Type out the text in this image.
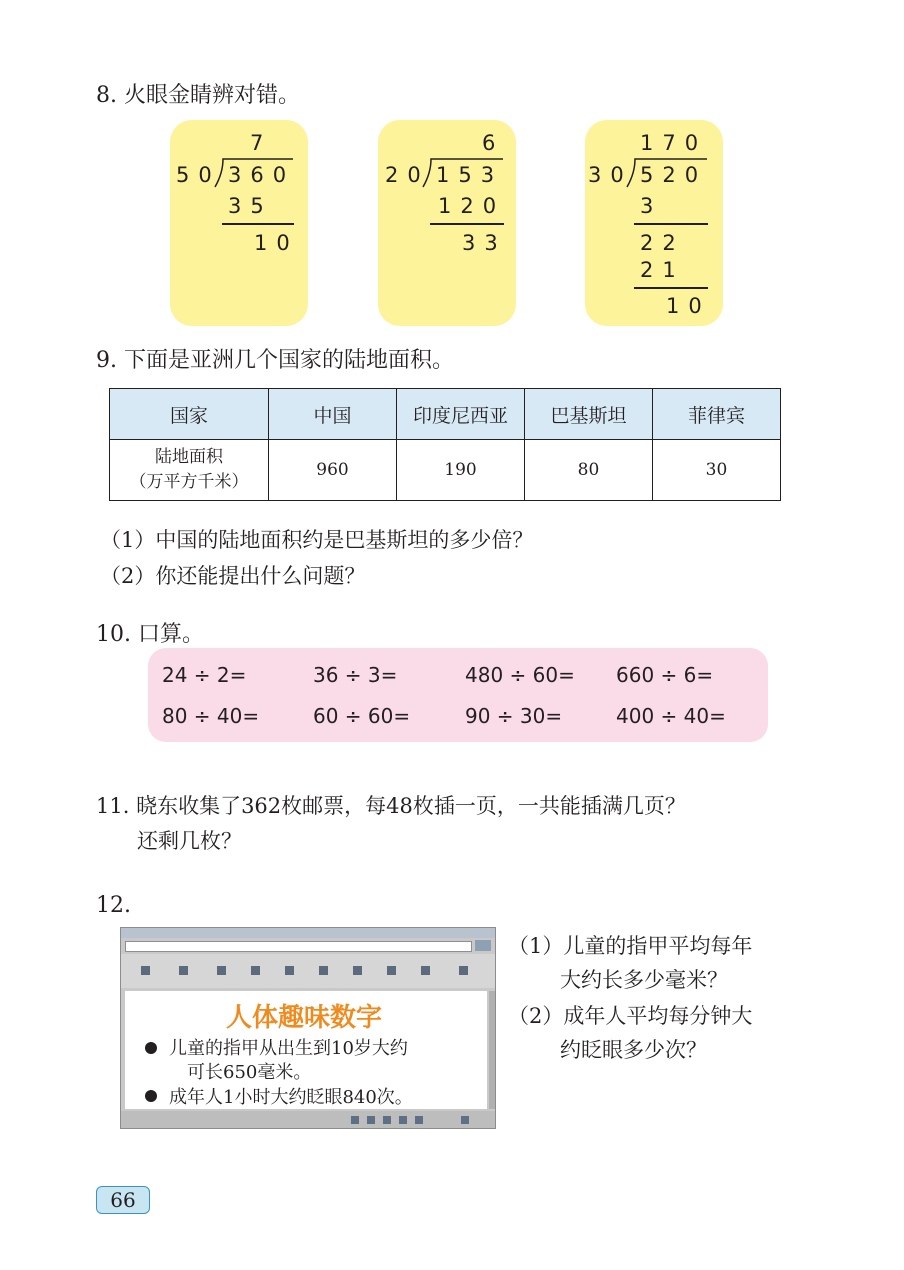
8. 火眼金睛辨对错。
7
50 360
35
10
6
20 153
120
33
170
30 520
3
22
21
10
9. 下面是亚洲几个国家的陆地面积。
国家	中国	印度尼西亚	巴基斯坦	菲律宾

陆地面积
（万平方千米）	960	190	80	30
（1）中国的陆地面积约是巴基斯坦的多少倍？
（2）你还能提出什么问题？
10. 口算。
24 ÷ 2=	36 ÷ 3=	480 ÷ 60= 660 ÷ 6=
80 ÷ 40=	60 ÷ 60=	90 ÷ 30=	400 ÷ 40=
11. 晓东收集了362枚邮票，每48枚插一页，一共能插满几页？
还剩几枚？
12.
人体趣味数字
儿童的指甲从出生到10岁大约
可长650毫米。
成年人1小时大约眨眼840次。
（1）儿童的指甲平均每年
大约长多少毫米？
（2）成年人平均每分钟大
约眨眼多少次？
66
